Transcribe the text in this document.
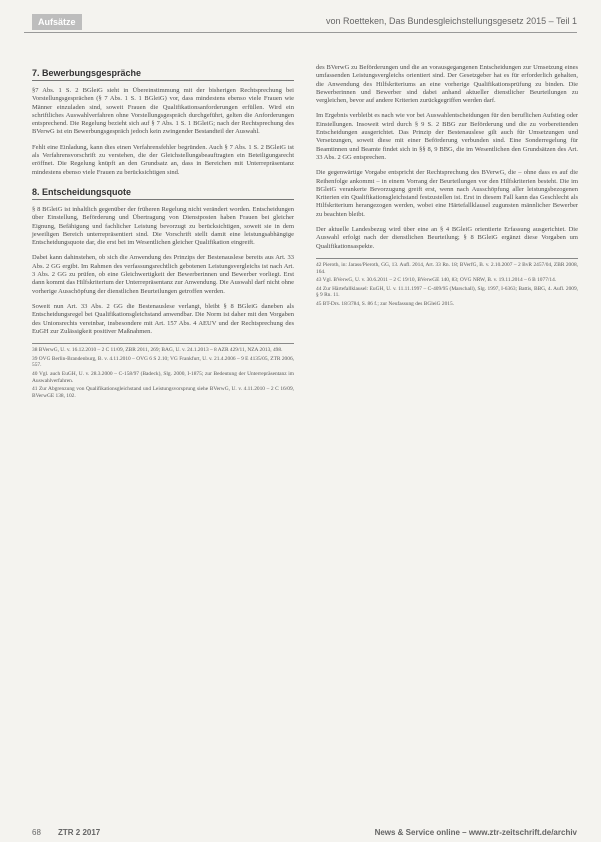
Aufsätze	von Roetteken, Das Bundesgleichstellungsgesetz 2015 – Teil 1
7. Bewerbungsgespräche

§7 Abs. 1 S. 2 BGleiG sieht in Übereinstimmung mit der bisherigen Rechtsprechung bei Vorstellungsgesprächen (§ 7 Abs. 1 S. 1 BGleiG) vor, dass mindestens ebenso viele Frauen wie Männer einzuladen sind, soweit Frauen die Qualifikationsanforderungen erfüllen. Wird ein schriftliches Auswahlverfahren ohne Vorstellungsgespräch durchgeführt, gelten die Anforderungen entsprechend. Die Regelung bezieht sich auf § 7 Abs. 1 S. 1 BGleiG; nach der Rechtsprechung des BVerwG ist ein Bewerbungsgespräch jedoch kein zwingender Bestandteil der Auswahl.

Fehlt eine Einladung, kann dies einen Verfahrensfehler begründen. Auch § 7 Abs. 1 S. 2 BGleiG ist als Verfahrensvorschrift zu verstehen, die der Gleichstellungsbeauftragten ein Beteiligungsrecht eröffnet. Die Regelung knüpft an den Grundsatz an, dass in Bereichen mit Unterrepräsentanz mindestens ebenso viele Frauen zu berücksichtigen sind.

8. Entscheidungsquote

§ 8 BGleiG ist inhaltlich gegenüber der früheren Regelung nicht verändert worden. Entscheidungen über Einstellung, Beförderung und Übertragung von Dienstposten haben Frauen bei gleicher Eignung, Befähigung und fachlicher Leistung bevorzugt zu berücksichtigen, soweit sie in dem jeweiligen Bereich unterrepräsentiert sind. Die Vorschrift stellt damit eine leistungsabhängige Entscheidungsquote dar, die erst bei im Wesentlichen gleicher Qualifikation eingreift.

Dabei kann dahinstehen, ob sich die Anwendung des Prinzips der Bestenauslese bereits aus Art. 33 Abs. 2 GG ergibt. Im Rahmen des verfassungsrechtlich gebotenen Leistungsvergleichs ist nach Art. 3 Abs. 2 GG zu prüfen, ob eine Gleichwertigkeit der Bewerberinnen und Bewerber vorliegt. Erst dann kommt das Hilfskriterium der Unterrepräsentanz zur Anwendung. Die Auswahl darf nicht ohne vorherige Ausschöpfung der dienstlichen Beurteilungen getroffen werden.

Soweit nun Art. 33 Abs. 2 GG die Bestenauslese verlangt, bleibt § 8 BGleiG daneben als Entscheidungsregel bei Qualifikationsgleichstand anwendbar. Die Norm ist daher mit den Vorgaben des Unionsrechts vereinbar, insbesondere mit Art. 157 Abs. 4 AEUV und der Rechtsprechung des EuGH zur Zulässigkeit positiver Maßnahmen.

38 BVerwG, U. v. 16.12.2010 – 2 C 11/09, ZBR 2011, 269; BAG, U. v. 24.1.2013 – 8 AZR 429/11, NZA 2013, 498.
39 OVG Berlin-Brandenburg, B. v. 4.11.2010 – OVG 6 S 2.10; VG Frankfurt, U. v. 21.4.2006 – 9 E 4135/05, ZTR 2006, 557.
40 Vgl. auch EuGH, U. v. 28.3.2000 – C-158/97 (Badeck), Slg. 2000, I-1875; zur Bedeutung der Unterrepräsentanz im Auswahlverfahren.
41 Zur Abgrenzung von Qualifikationsgleichstand und Leistungsvorsprung siehe BVerwG, U. v. 4.11.2010 – 2 C 16/09, BVerwGE 138, 102.

des BVerwG zu Beförderungen und die an vorausgegangenen Entscheidungen zur Umsetzung eines umfassenden Leistungsvergleichs orientiert sind. Der Gesetzgeber hat es für erforderlich gehalten, die Anwendung des Hilfskriteriums an eine vorherige Qualifikationsprüfung zu binden. Die Bewerberinnen und Bewerber sind dabei anhand aktueller dienstlicher Beurteilungen zu vergleichen, bevor auf andere Kriterien zurückgegriffen werden darf.

Im Ergebnis verbleibt es nach wie vor bei Auswahlentscheidungen für den beruflichen Aufstieg oder Einstellungen. Insoweit wird durch § 9 S. 2 BBG zur Beförderung und die zu vorbereitenden Entscheidungen ausgerichtet. Das Prinzip der Bestenauslese gilt auch für Umsetzungen und Versetzungen, soweit diese mit einer Beförderung verbunden sind. Eine Sonderregelung für Beamtinnen und Beamte findet sich in §§ 8, 9 BBG, die im Wesentlichen den Grundsätzen des Art. 33 Abs. 2 GG entsprechen.

Die gegenwärtige Vorgabe entspricht der Rechtsprechung des BVerwG, die – ohne dass es auf die Reihenfolge ankommt – in einem Vorrang der Beurteilungen vor den Hilfskriterien besteht. Die im BGleiG verankerte Bevorzugung greift erst, wenn nach Ausschöpfung aller leistungsbezogenen Kriterien ein Qualifikationsgleichstand festzustellen ist. Erst in diesem Fall kann das Geschlecht als Hilfskriterium herangezogen werden, wobei eine Härtefallklausel zugunsten männlicher Bewerber zu beachten bleibt.

Der aktuelle Landesbezug wird über eine an § 4 BGleiG orientierte Erfassung ausgerichtet. Die Auswahl erfolgt nach der dienstlichen Beurteilung; § 8 BGleiG ergänzt diese Vorgaben um Qualifikationsaspekte.

42 Pieroth, in: Jarass/Pieroth, GG, 13. Aufl. 2014, Art. 33 Rn. 18; BVerfG, B. v. 2.10.2007 – 2 BvR 2457/04, ZBR 2008, 164.
43 Vgl. BVerwG, U. v. 30.6.2011 – 2 C 19/10, BVerwGE 140, 83; OVG NRW, B. v. 19.11.2014 – 6 B 1077/14.
44 Zur Härtefallklausel: EuGH, U. v. 11.11.1997 – C-409/95 (Marschall), Slg. 1997, I-6363; Battis, BBG, 4. Aufl. 2009, § 9 Rn. 11.
45 BT-Drs. 18/3784, S. 86 f.; zur Neufassung des BGleiG 2015.
68 ZTR 2 2017	News & Service online – www.ztr-zeitschrift.de/archiv
